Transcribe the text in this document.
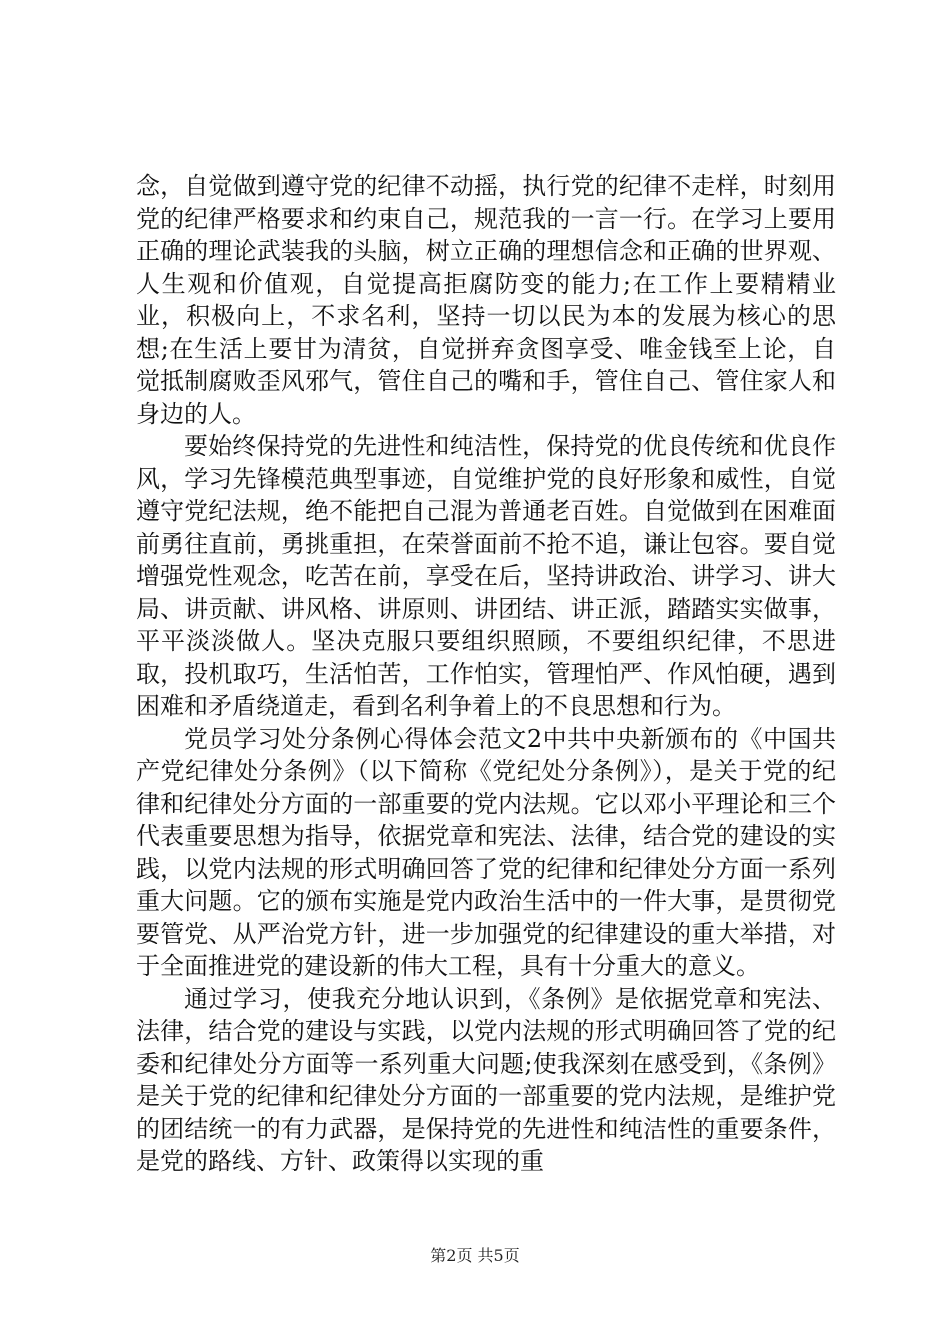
念，自觉做到遵守党的纪律不动摇，执行党的纪律不走样，时刻用党的纪律严格要求和约束自己，规范我的一言一行。在学习上要用正确的理论武装我的头脑，树立正确的理想信念和正确的世界观、人生观和价值观，自觉提高拒腐防变的能力;在工作上要精精业业，积极向上，不求名利，坚持一切以民为本的发展为核心的思想;在生活上要甘为清贫，自觉拼弃贪图享受、唯金钱至上论，自觉抵制腐败歪风邪气，管住自己的嘴和手，管住自己、管住家人和身边的人。

要始终保持党的先进性和纯洁性，保持党的优良传统和优良作风，学习先锋模范典型事迹，自觉维护党的良好形象和威性，自觉遵守党纪法规，绝不能把自己混为普通老百姓。自觉做到在困难面前勇往直前，勇挑重担，在荣誉面前不抢不追，谦让包容。要自觉增强党性观念，吃苦在前，享受在后，坚持讲政治、讲学习、讲大局、讲贡献、讲风格、讲原则、讲团结、讲正派，踏踏实实做事，平平淡淡做人。坚决克服只要组织照顾，不要组织纪律，不思进取，投机取巧，生活怕苦，工作怕实，管理怕严、作风怕硬，遇到困难和矛盾绕道走，看到名利争着上的不良思想和行为。

党员学习处分条例心得体会范文2中共中央新颁布的《中国共产党纪律处分条例》（以下简称《党纪处分条例》），是关于党的纪律和纪律处分方面的一部重要的党内法规。它以邓小平理论和三个代表重要思想为指导，依据党章和宪法、法律，结合党的建设的实践，以党内法规的形式明确回答了党的纪律和纪律处分方面一系列重大问题。它的颁布实施是党内政治生活中的一件大事，是贯彻党要管党、从严治党方针，进一步加强党的纪律建设的重大举措，对于全面推进党的建设新的伟大工程，具有十分重大的意义。

通过学习，使我充分地认识到，《条例》是依据党章和宪法、法律，结合党的建设与实践，以党内法规的形式明确回答了党的纪委和纪律处分方面等一系列重大问题;使我深刻在感受到，《条例》是关于党的纪律和纪律处分方面的一部重要的党内法规，是维护党的团结统一的有力武器，是保持党的先进性和纯洁性的重要条件，是党的路线、方针、政策得以实现的重

第2页 共5页
